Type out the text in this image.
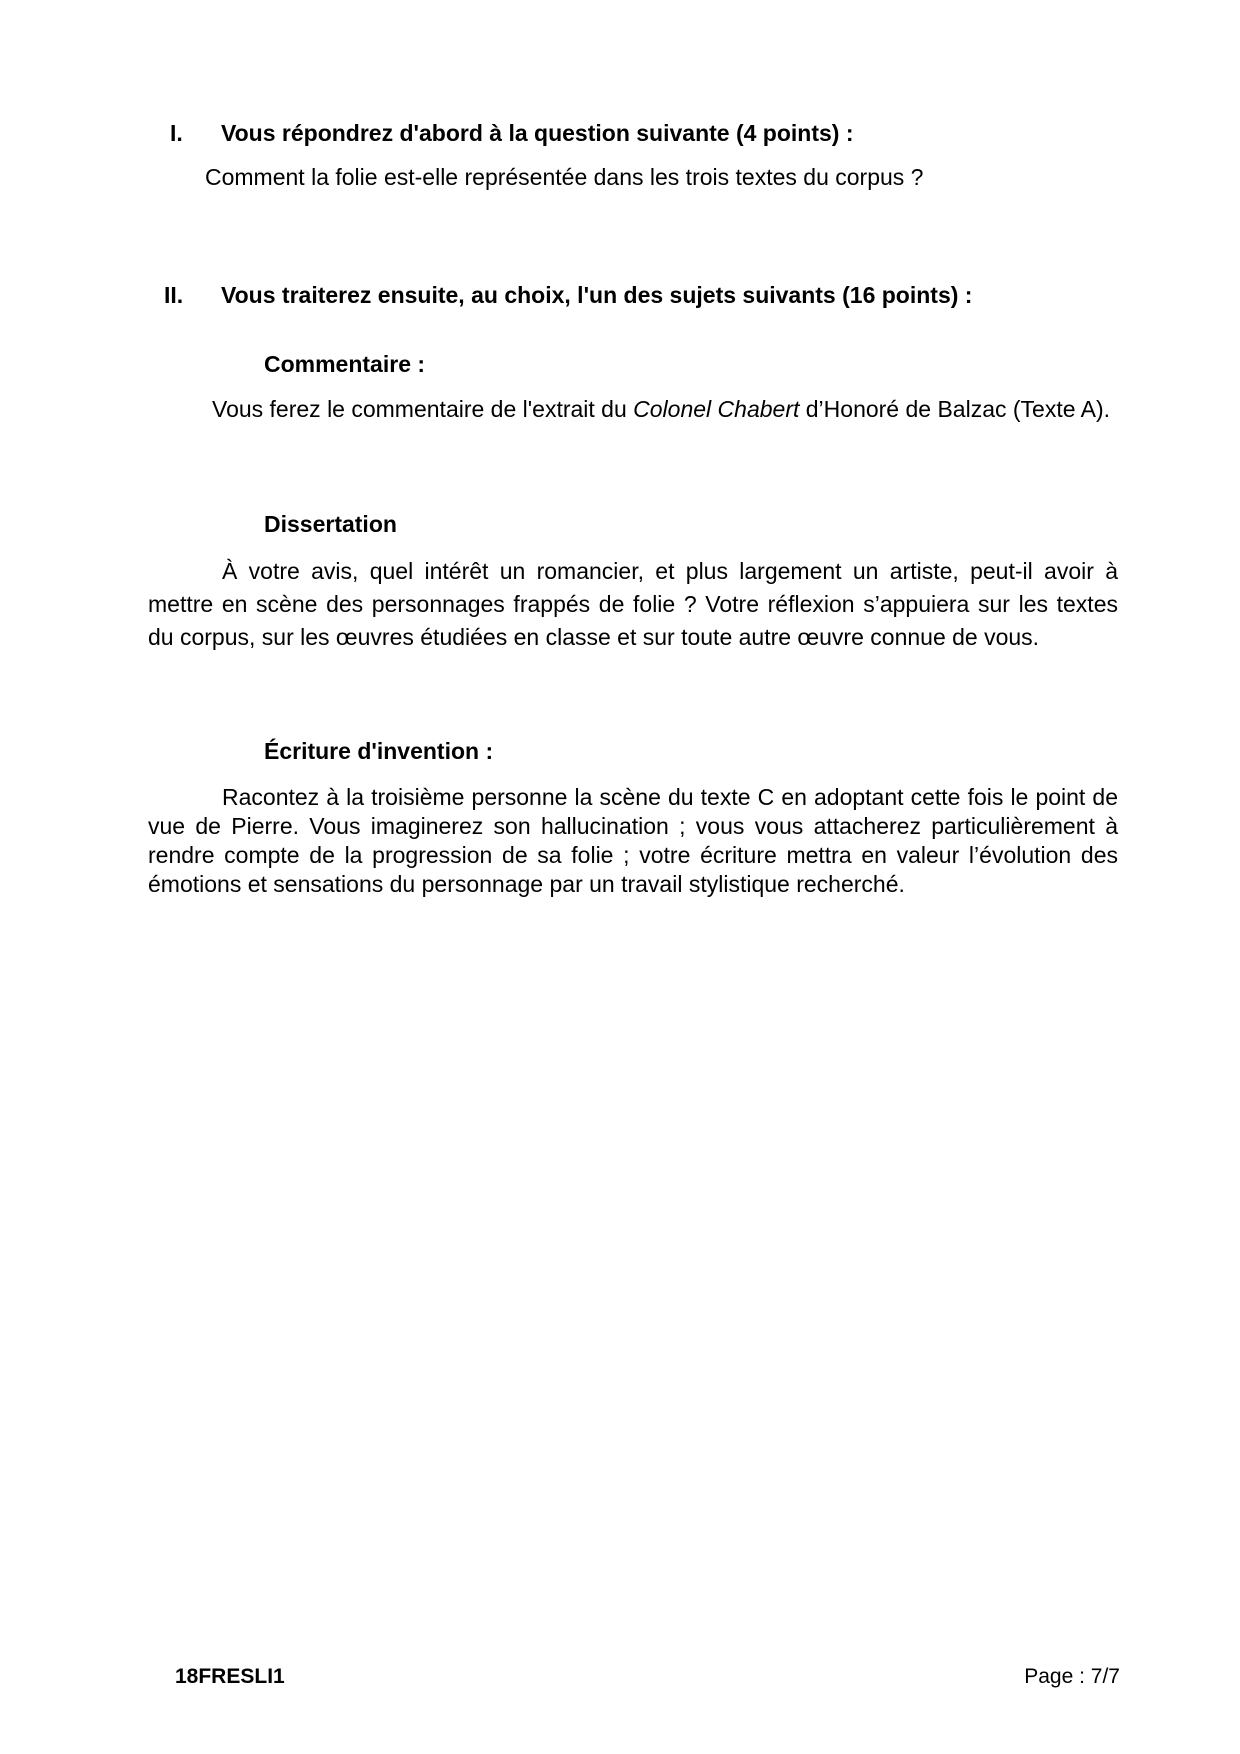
I. Vous répondrez d'abord à la question suivante (4 points) :
Comment la folie est-elle représentée dans les trois textes du corpus ?
II. Vous traiterez ensuite, au choix, l'un des sujets suivants (16 points) :
Commentaire :

Vous ferez le commentaire de l'extrait du Colonel Chabert d’Honoré de Balzac (Texte A).

Dissertation

À votre avis, quel intérêt un romancier, et plus largement un artiste, peut-il avoir à mettre en scène des personnages frappés de folie ? Votre réflexion s’appuiera sur les textes du corpus, sur les œuvres étudiées en classe et sur toute autre œuvre connue de vous.

Écriture d'invention :

Racontez à la troisième personne la scène du texte C en adoptant cette fois le point de vue de Pierre. Vous imaginerez son hallucination ; vous vous attacherez particulièrement à rendre compte de la progression de sa folie ; votre écriture mettra en valeur l’évolution des émotions et sensations du personnage par un travail stylistique recherché.

18FRESLI1	Page : 7/7
